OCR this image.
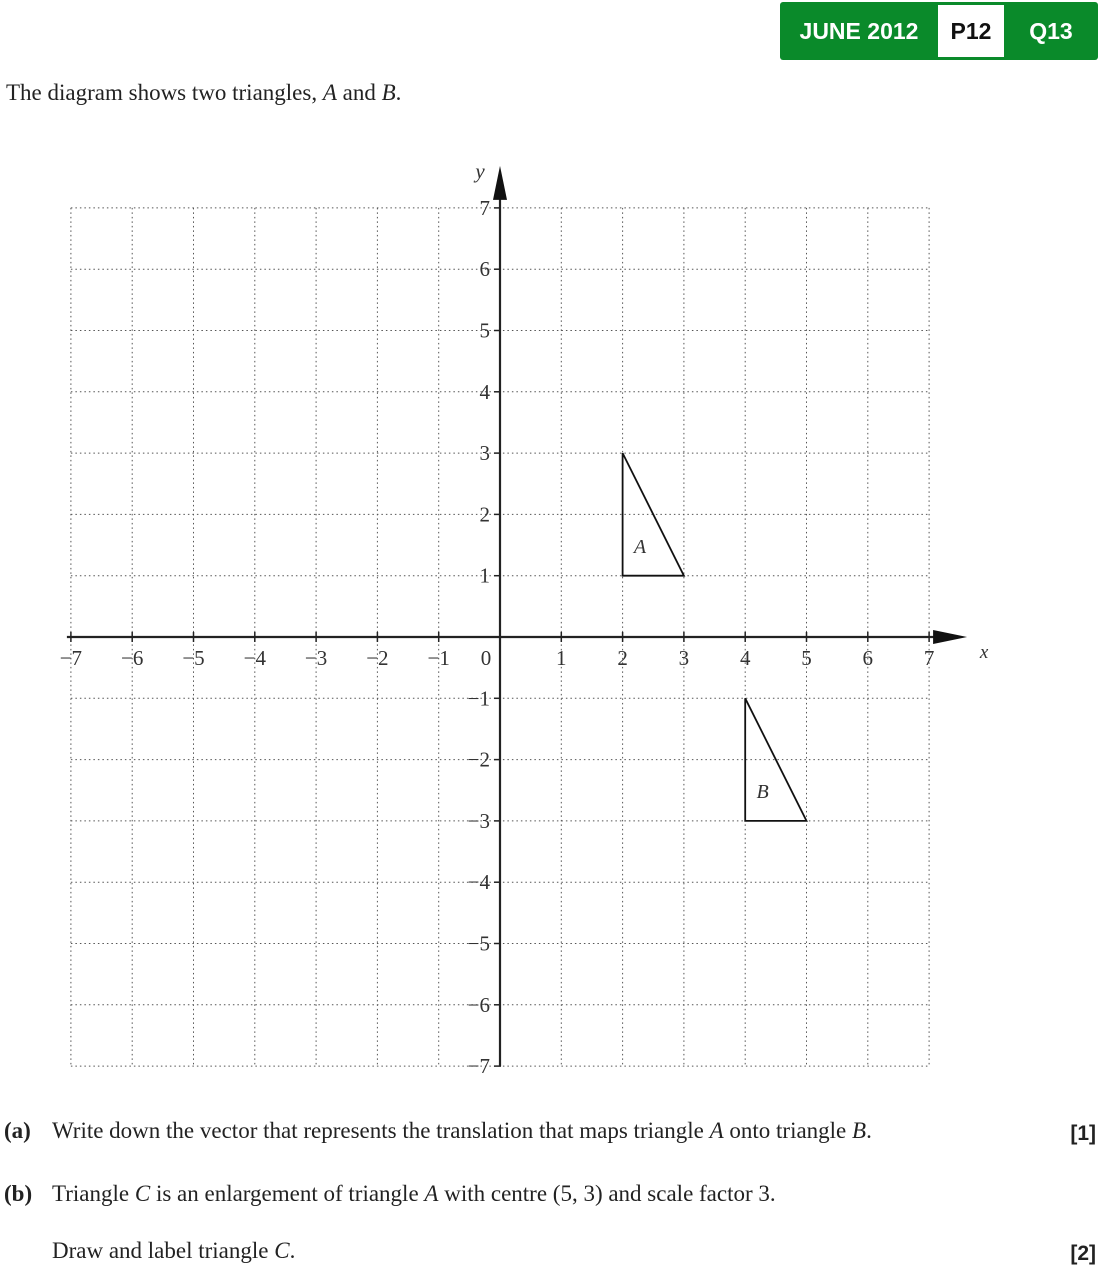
JUNE 2012	P12	Q13
The diagram shows two triangles, A and B.
x
y
−7 −6 −5 −4 −3 −2 −1 0	1 2 3 4 5 6 7
−7
−6
−5
−4
−3
−2
−1
1
2
3
4
5
6
7
A
B
(a) Write down the vector that represents the translation that maps triangle A onto triangle B.	[1]
(b) Triangle C is an enlargement of triangle A with centre (5, 3) and scale factor 3.
Draw and label triangle C.	[2]
